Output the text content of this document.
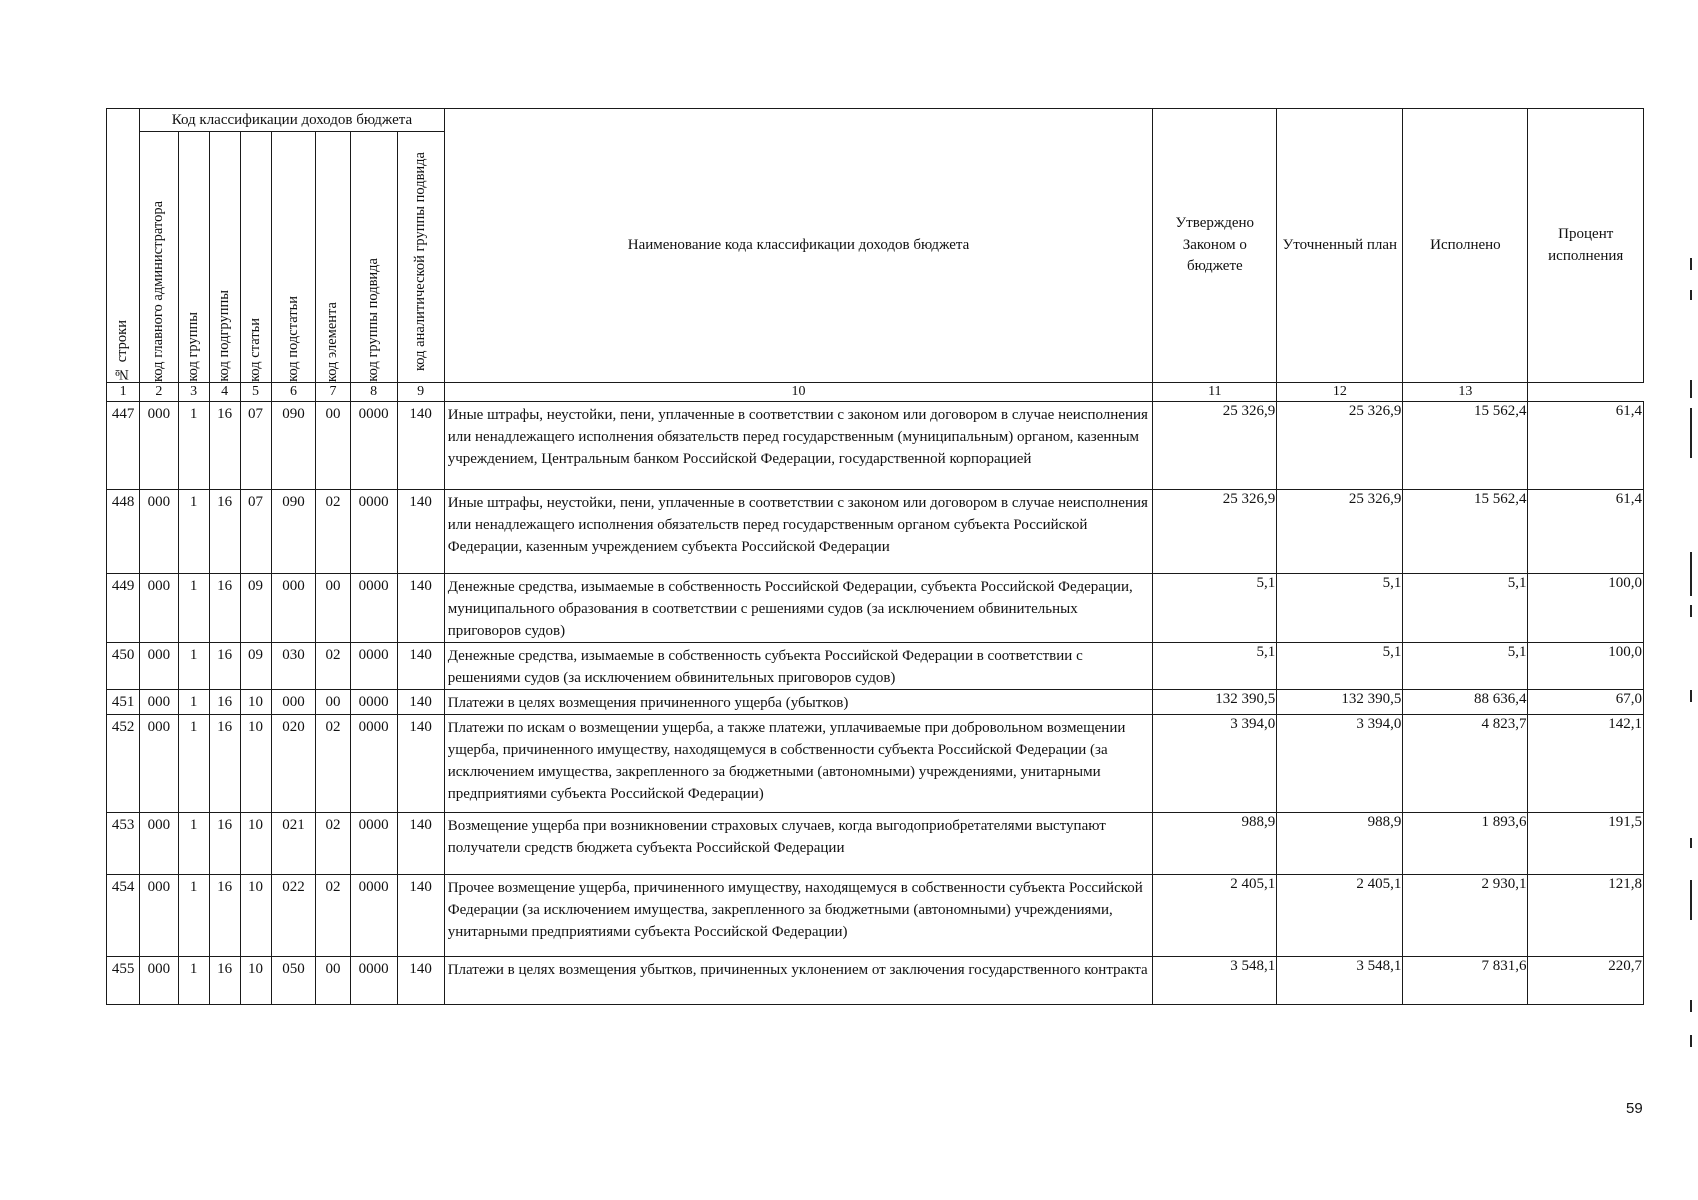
№ строки	Код классификации доходов бюджета								Наименование кода классификации доходов бюджета	Утверждено Законом о бюджете	Уточненный план	Исполнено	Процент исполнения

	код главного администратора	код группы	код подгруппы	код статьи	код подстатьи	код элемента	код группы подвида	код аналитической группы подвида					

1	2	3	4	5	6	7	8	9	10	11	12	13	
447	000	1	16	07	090	00	0000	140	Иные штрафы, неустойки, пени, уплаченные в соответствии с законом или договором в случае неисполнения или ненадлежащего исполнения обязательств перед государственным (муниципальным) органом, казенным учреждением, Центральным банком Российской Федерации, государственной корпорацией	25 326,9	25 326,9	15 562,4	61,4
448	000	1	16	07	090	02	0000	140	Иные штрафы, неустойки, пени, уплаченные в соответствии с законом или договором в случае неисполнения или ненадлежащего исполнения обязательств перед государственным органом субъекта Российской Федерации, казенным учреждением субъекта Российской Федерации	25 326,9	25 326,9	15 562,4	61,4
449	000	1	16	09	000	00	0000	140	Денежные средства, изымаемые в собственность Российской Федерации, субъекта Российской Федерации, муниципального образования в соответствии с решениями судов (за исключением обвинительных приговоров судов)	5,1	5,1	5,1	100,0
450	000	1	16	09	030	02	0000	140	Денежные средства, изымаемые в собственность субъекта Российской Федерации в соответствии с решениями судов (за исключением обвинительных приговоров судов)	5,1	5,1	5,1	100,0
451	000	1	16	10	000	00	0000	140	Платежи в целях возмещения причиненного ущерба (убытков)	132 390,5	132 390,5	88 636,4	67,0
452	000	1	16	10	020	02	0000	140	Платежи по искам о возмещении ущерба, а также платежи, уплачиваемые при добровольном возмещении ущерба, причиненного имуществу, находящемуся в собственности субъекта Российской Федерации (за исключением имущества, закрепленного за бюджетными (автономными) учреждениями, унитарными предприятиями субъекта Российской Федерации)	3 394,0	3 394,0	4 823,7	142,1
453	000	1	16	10	021	02	0000	140	Возмещение ущерба при возникновении страховых случаев, когда выгодоприобретателями выступают получатели средств бюджета субъекта Российской Федерации	988,9	988,9	1 893,6	191,5
454	000	1	16	10	022	02	0000	140	Прочее возмещение ущерба, причиненного имуществу, находящемуся в собственности субъекта Российской Федерации (за исключением имущества, закрепленного за бюджетными (автономными) учреждениями, унитарными предприятиями субъекта Российской Федерации)	2 405,1	2 405,1	2 930,1	121,8
455	000	1	16	10	050	00	0000	140	Платежи в целях возмещения убытков, причиненных уклонением от заключения государственного контракта	3 548,1	3 548,1	7 831,6	220,7
59
